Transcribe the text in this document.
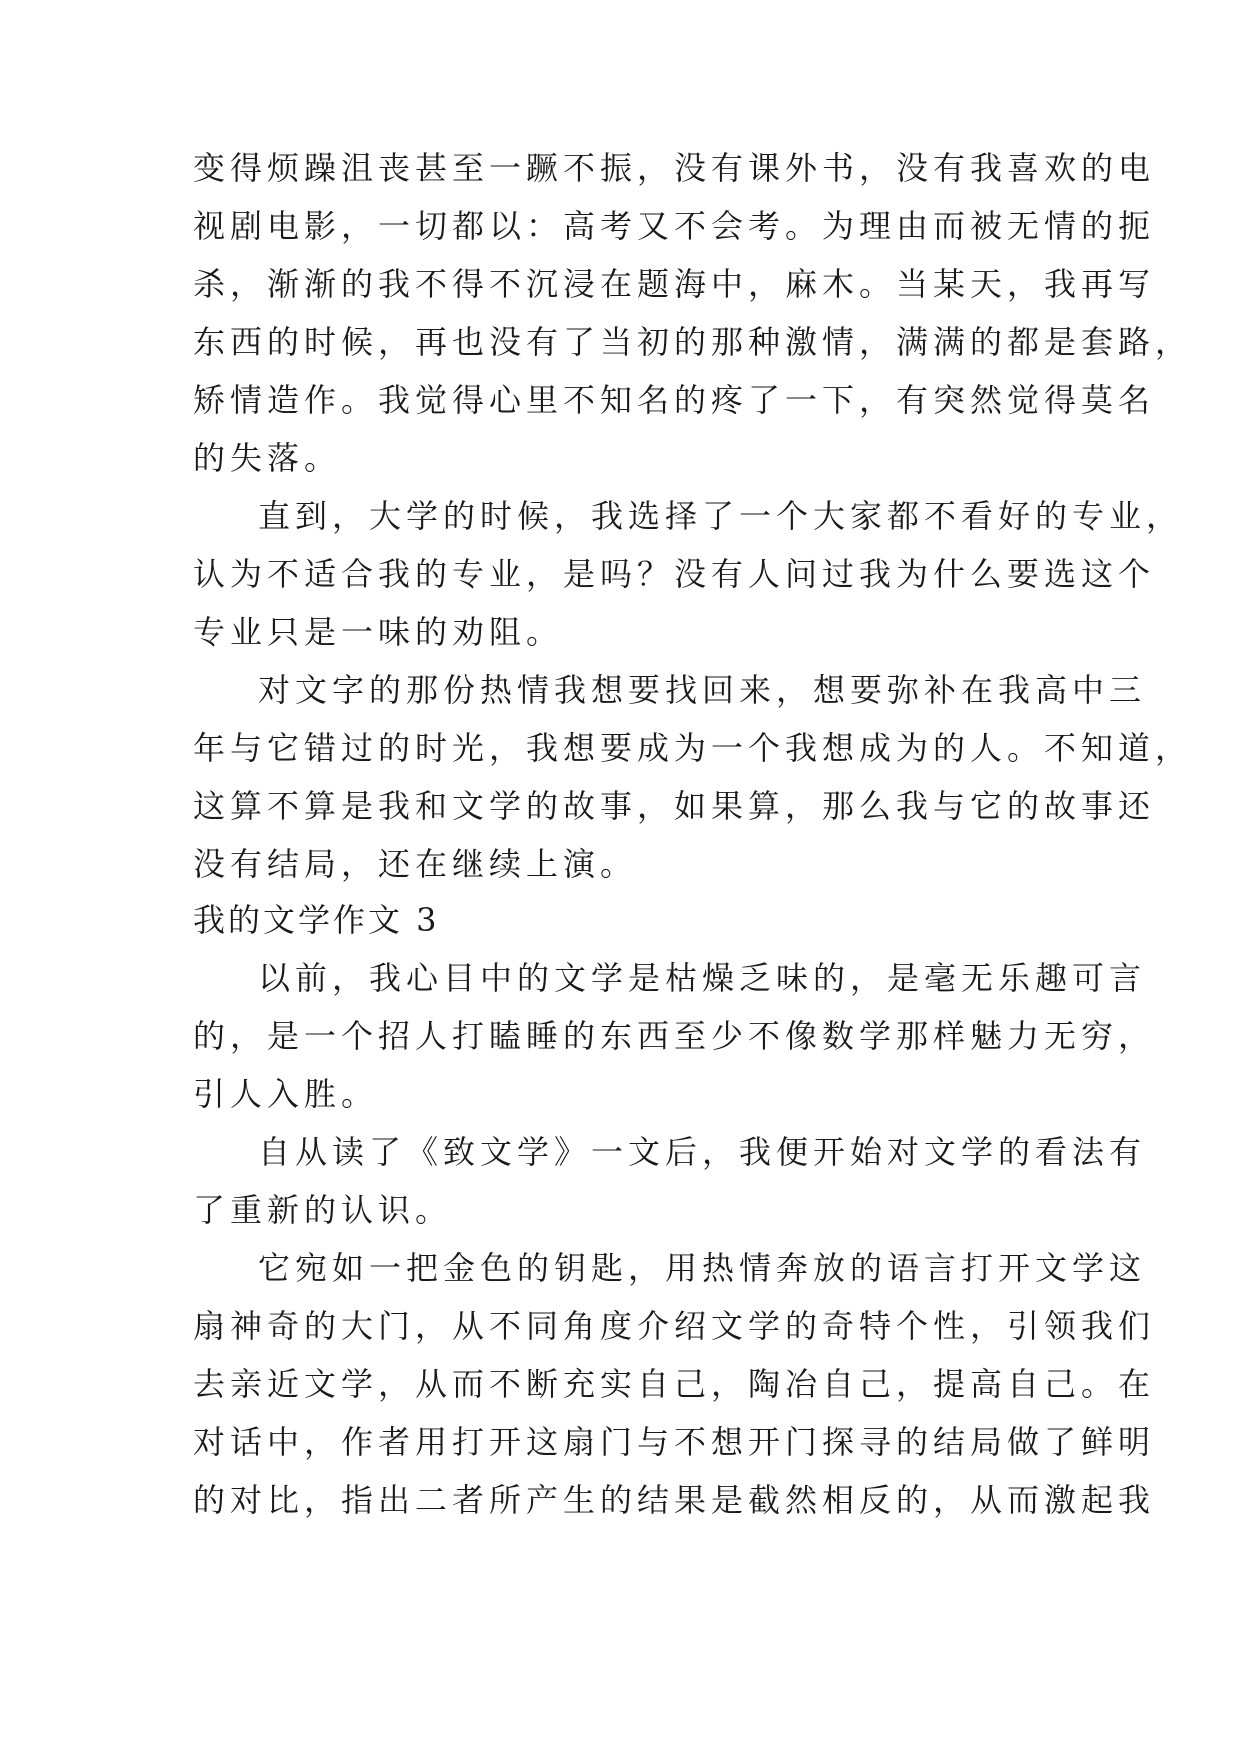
变得烦躁沮丧甚至一蹶不振，没有课外书，没有我喜欢的电
视剧电影，一切都以：高考又不会考。为理由而被无情的扼
杀，渐渐的我不得不沉浸在题海中，麻木。当某天，我再写
东西的时候，再也没有了当初的那种激情，满满的都是套路，
矫情造作。我觉得心里不知名的疼了一下，有突然觉得莫名
的失落。
直到，大学的时候，我选择了一个大家都不看好的专业，
认为不适合我的专业，是吗？没有人问过我为什么要选这个
专业只是一味的劝阻。
对文字的那份热情我想要找回来，想要弥补在我高中三
年与它错过的时光，我想要成为一个我想成为的人。不知道，
这算不算是我和文学的故事，如果算，那么我与它的故事还
没有结局，还在继续上演。
我的文学作文 3
以前，我心目中的文学是枯燥乏味的，是毫无乐趣可言
的，是一个招人打瞌睡的东西至少不像数学那样魅力无穷，
引人入胜。
自从读了《致文学》一文后，我便开始对文学的看法有
了重新的认识。
它宛如一把金色的钥匙，用热情奔放的语言打开文学这
扇神奇的大门，从不同角度介绍文学的奇特个性，引领我们
去亲近文学，从而不断充实自己，陶冶自己，提高自己。在
对话中，作者用打开这扇门与不想开门探寻的结局做了鲜明
的对比，指出二者所产生的结果是截然相反的，从而激起我
